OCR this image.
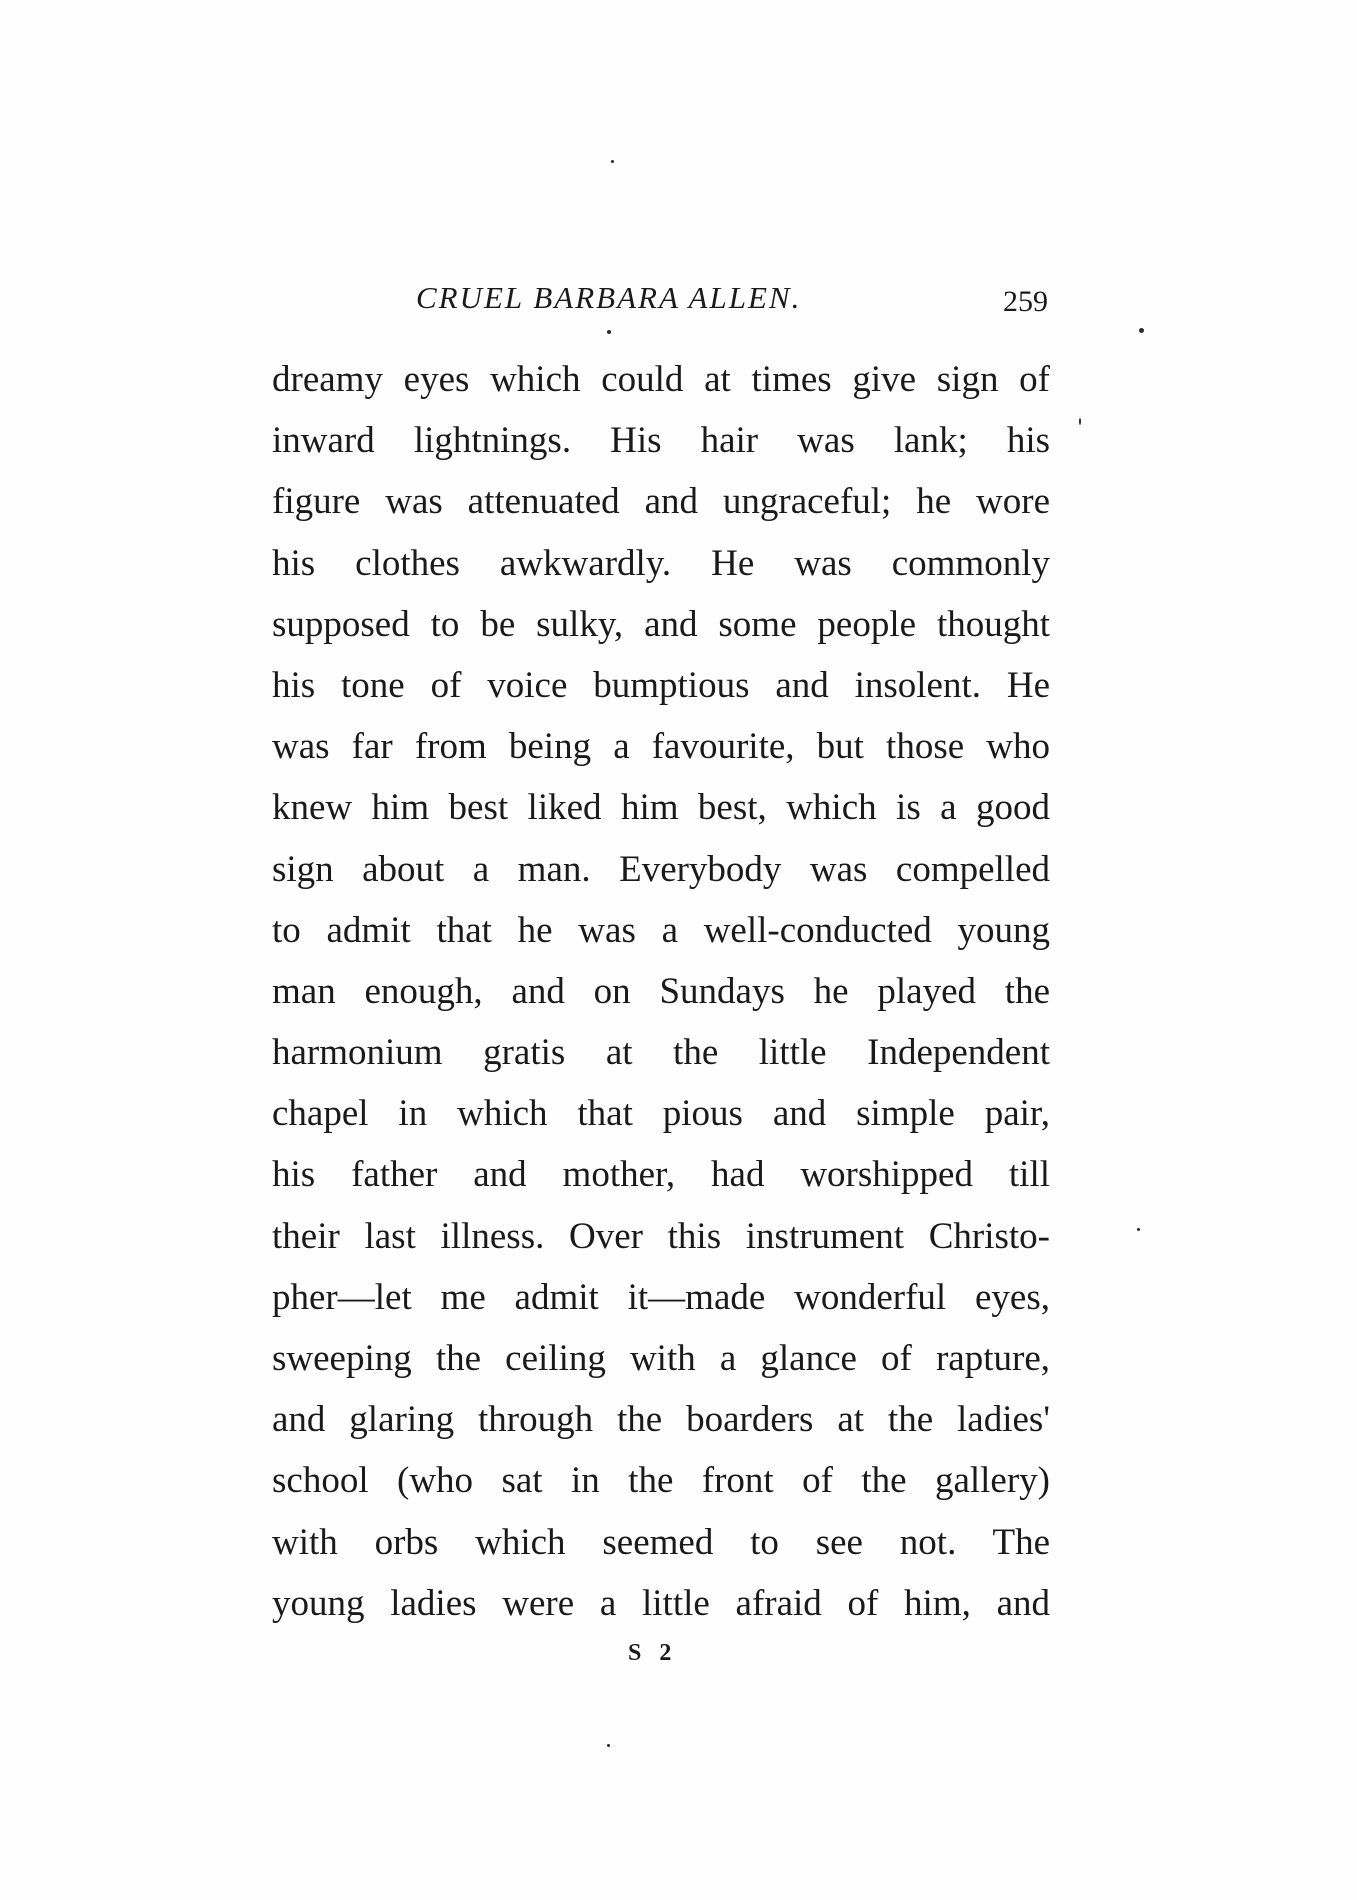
CRUEL BARBARA ALLEN.	259
dreamy eyes which could at times give sign of
inward lightnings. His hair was lank; his
figure was attenuated and ungraceful; he wore
his clothes awkwardly. He was commonly
supposed to be sulky, and some people thought
his tone of voice bumptious and insolent. He
was far from being a favourite, but those who
knew him best liked him best, which is a good
sign about a man. Everybody was compelled
to admit that he was a well-conducted young
man enough, and on Sundays he played the
harmonium gratis at the little Independent
chapel in which that pious and simple pair,
his father and mother, had worshipped till
their last illness. Over this instrument Christo-
pher—let me admit it—made wonderful eyes,
sweeping the ceiling with a glance of rapture,
and glaring through the boarders at the ladies'
school (who sat in the front of the gallery)
with orbs which seemed to see not. The
young ladies were a little afraid of him, and
S 2
